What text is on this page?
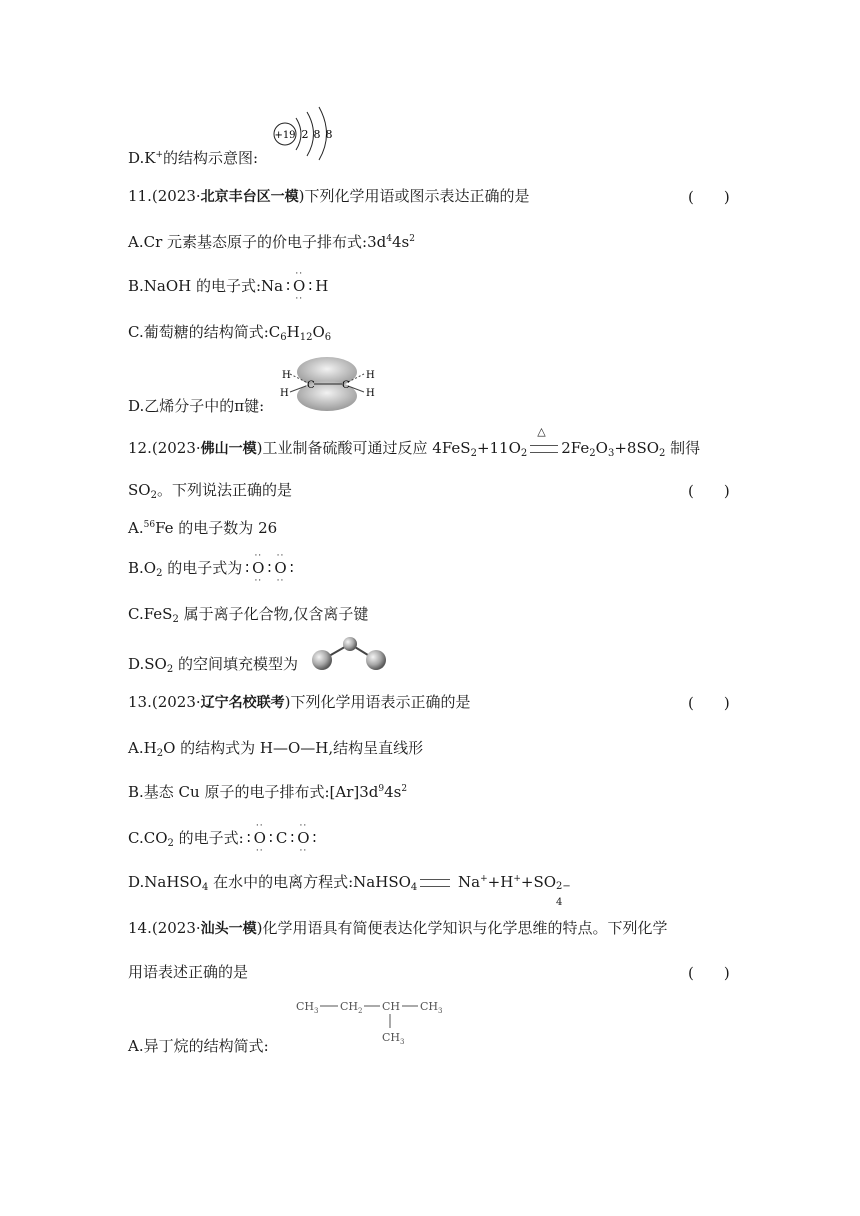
D.K+的结构示意图:
+19 2 8 8
11.(2023·北京丰台区一模)下列化学用语或图示表达正确的是	(　　)
A.Cr 元素基态原子的价电子排布式$:3d^44s^2$
B.NaOH 的电子式:Na ∶
··
O
··
∶ H
C.葡萄糖的结构简式$:C_6H_{12}O_6$
D.乙烯分子中的π键:
H
H
C	C
H
H
12.(2023·佛山一模)工业制备硫酸可通过反应 $4FeS_2+11O_2$
△
$2Fe_2O_3+8SO_2$ 制得
$SO_2$。下列说法正确的是	(　　)
A.$^{56}$Fe 的电子数为 26
$B.O_2$ 的电子式为 ∶
··
O
··
∶
··
O
··
∶
C.FeS$_2$ 属于离子化合物,仅含离子键
$D.SO_2$ 的空间填充模型为
13.(2023·辽宁名校联考)下列化学用语表示正确的是	(　　)
$A.H_2O$ 的结构式为 H—O—H,结构呈直线形
B.基态 Cu 原子的电子排布式$:[Ar]3d^94s^2$
$C.CO_2$ 的电子式: ∶
··
O
··
∶ C ∶
··
O
··
∶
D.NaHSO$_4$ 在水中的电离方程式:NaHSO$_4$ Na++H++SO 2−
4
14.(2023·汕头一模)化学用语具有简便表达化学知识与化学思维的特点。下列化学
用语表述正确的是	(　　)
A.异丁烷的结构简式:
$CH_3$ $CH_2$ CH $CH_3$
$CH_3$
